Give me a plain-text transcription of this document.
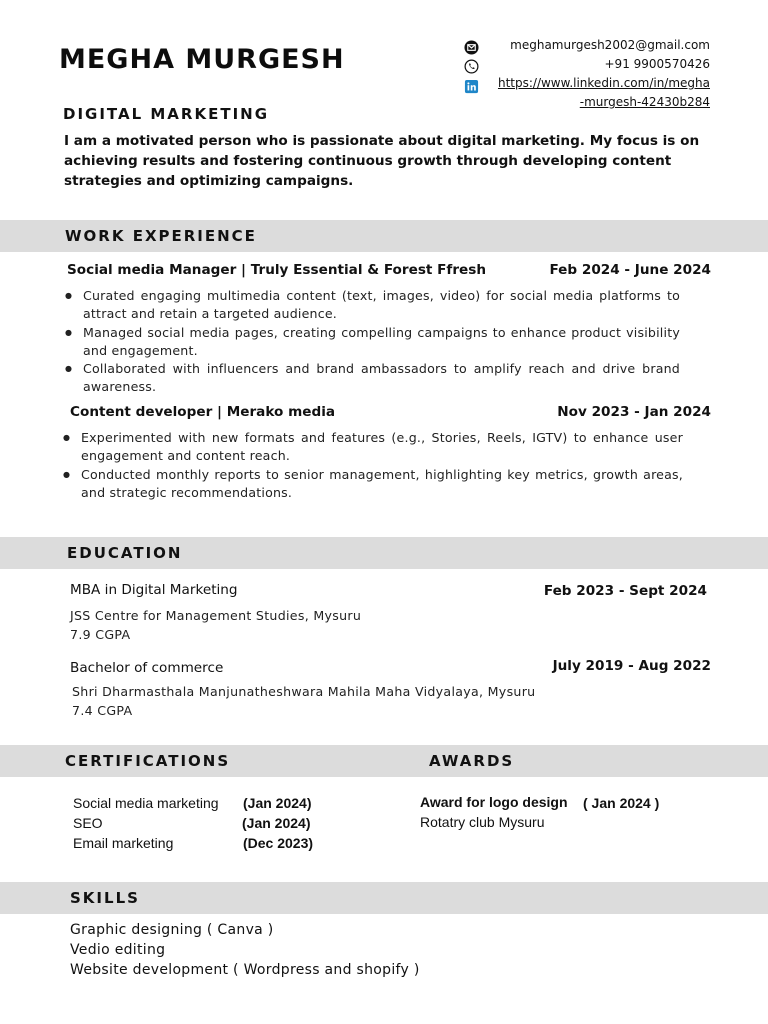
MEGHA MURGESH	meghamurgesh2002@gmail.com
+91 9900570426
https://www.linkedin.com/in/megha
-murgesh-42430b284
DIGITAL MARKETING
I am a motivated person who is passionate about digital marketing. My focus is on achieving results and fostering continuous growth through developing content strategies and optimizing campaigns.
WORK EXPERIENCE
Social media Manager | Truly Essential & Forest Ffresh	Feb 2024 - June 2024
● Curated engaging multimedia content (text, images, video) for social media platforms to attract and retain a targeted audience.
● Managed social media pages, creating compelling campaigns to enhance product visibility and engagement.
● Collaborated with influencers and brand ambassadors to amplify reach and drive brand awareness.
Content developer | Merako media	Nov 2023 - Jan 2024
● Experimented with new formats and features (e.g., Stories, Reels, IGTV) to enhance user engagement and content reach.
● Conducted monthly reports to senior management, highlighting key metrics, growth areas, and strategic recommendations.
EDUCATION
MBA in Digital Marketing	Feb 2023 - Sept 2024
JSS Centre for Management Studies, Mysuru
7.9 CGPA
Bachelor of commerce	July 2019 - Aug 2022
Shri Dharmasthala Manjunatheshwara Mahila Maha Vidyalaya, Mysuru
7.4 CGPA
CERTIFICATIONS	AWARDS
Social media marketing (Jan 2024)
SEO	(Jan 2024)
Email marketing	(Dec 2023)
Award for logo design ( Jan 2024 )
Rotatry club Mysuru
SKILLS
Graphic designing ( Canva )
Vedio editing
Website development ( Wordpress and shopify )
